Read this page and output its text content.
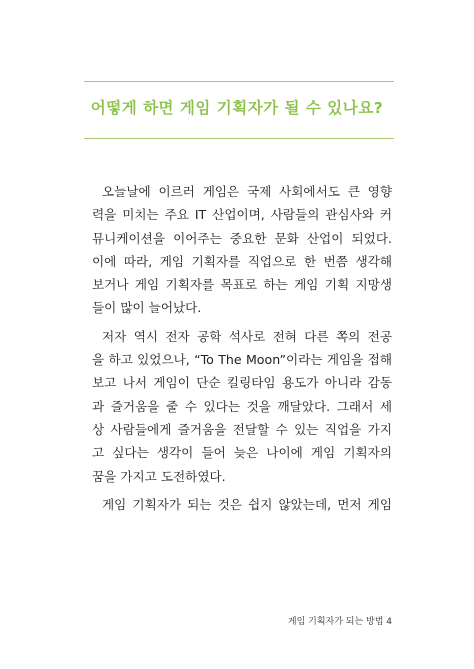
어떻게 하면 게임 기획자가 될 수 있나요?
오늘날에 이르러 게임은 국제 사회에서도 큰 영향
력을 미치는 주요 IT 산업이며, 사람들의 관심사와 커
뮤니케이션을 이어주는 중요한 문화 산업이 되었다.
이에 따라, 게임 기획자를 직업으로 한 번쯤 생각해
보거나 게임 기획자를 목표로 하는 게임 기획 지망생
들이 많이 늘어났다.
저자 역시 전자 공학 석사로 전혀 다른 쪽의 전공
을 하고 있었으나, “To The Moon”이라는 게임을 접해
보고 나서 게임이 단순 킬링타임 용도가 아니라 감동
과 즐거움을 줄 수 있다는 것을 깨달았다. 그래서 세
상 사람들에게 즐거움을 전달할 수 있는 직업을 가지
고 싶다는 생각이 들어 늦은 나이에 게임 기획자의
꿈을 가지고 도전하였다.
게임 기획자가 되는 것은 쉽지 않았는데, 먼저 게임
게임 기획자가 되는 방법 4
